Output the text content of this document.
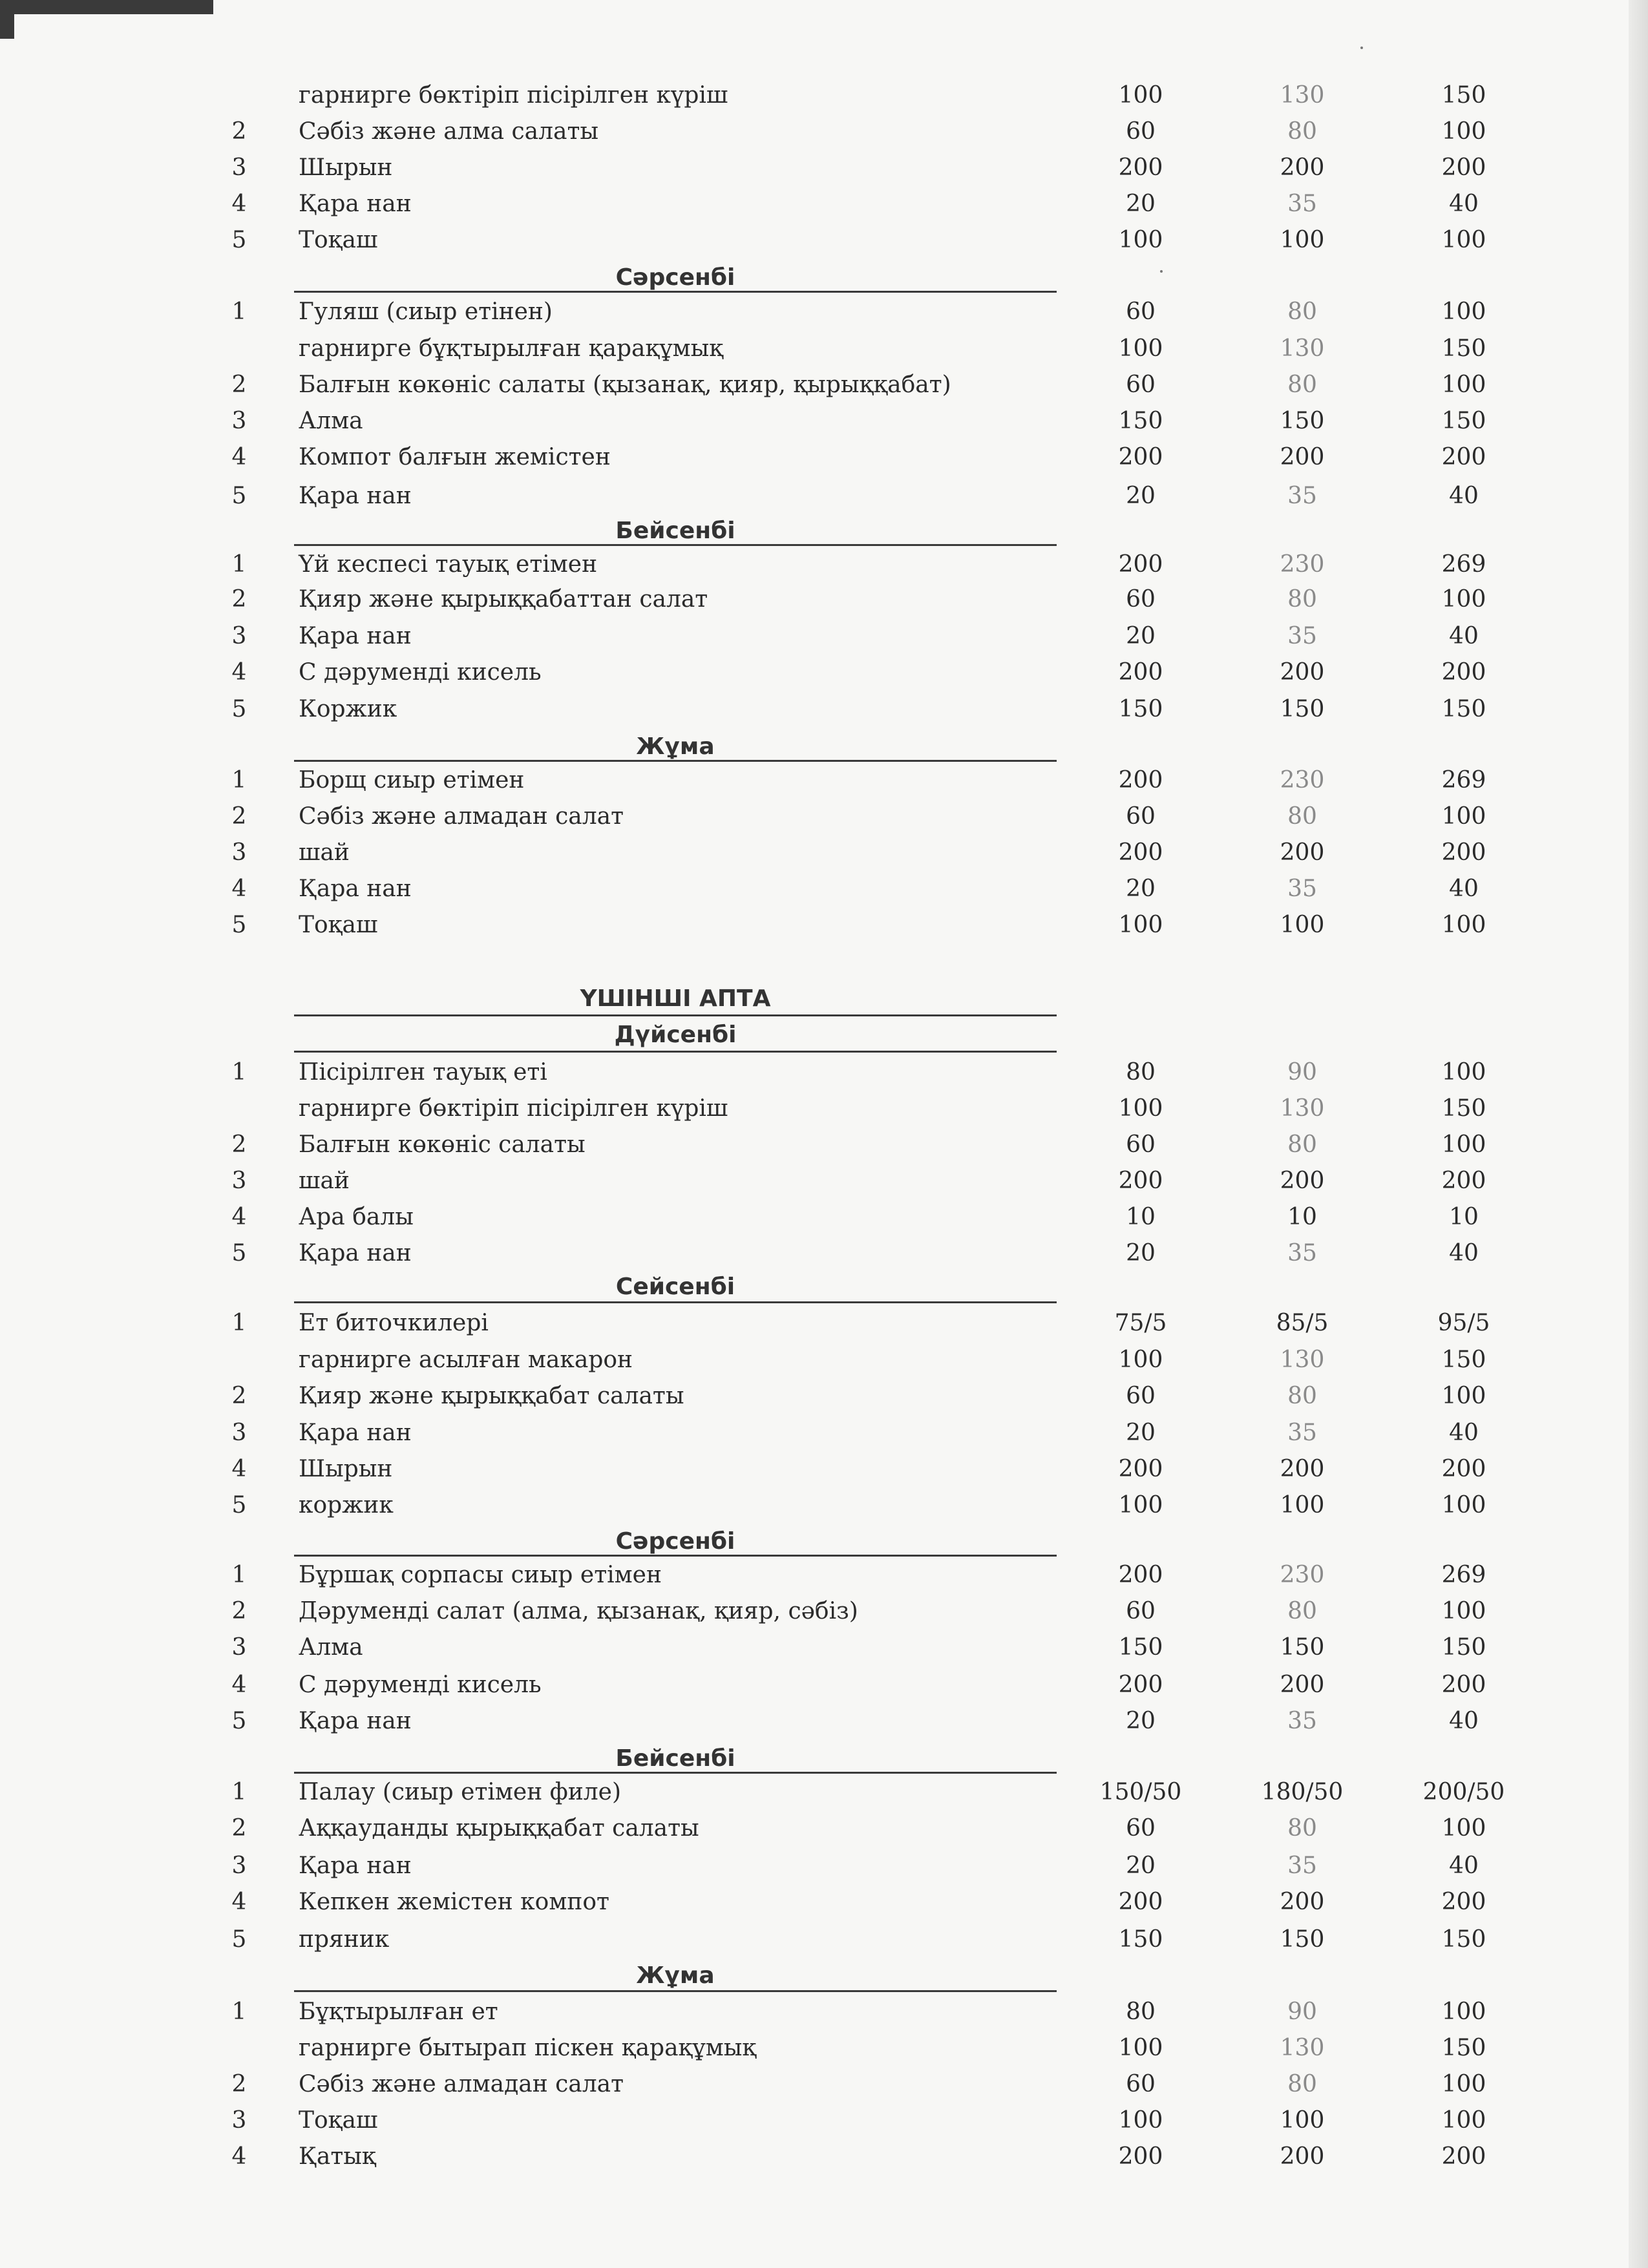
ҮШІНШІ АПТА
гарнирге бөктіріп пісірілген күріш	100	130	150
2	Сәбіз және алма салаты	60	80	100
3	Шырын	200	200	200
4	Қара нан	20	35	40
5	Тоқаш	100	100	100
Сәрсенбі
1	Гуляш (сиыр етінен)	60	80	100
гарнирге бұқтырылған қарақұмық	100	130	150
2	Балғын көкөніс салаты (қызанақ, қияр, қырыққабат)	60	80	100
3	Алма	150	150	150
4	Компот балғын жемістен	200	200	200
5	Қара нан	20	35	40
Бейсенбі
1	Үй кеспесі тауық етімен	200	230	269
2	Қияр және қырыққабаттан салат	60	80	100
3	Қара нан	20	35	40
4	С дәруменді кисель	200	200	200
5	Коржик	150	150	150
Жұма
1	Борщ сиыр етімен	200	230	269
2	Сәбіз және алмадан салат	60	80	100
3	шай	200	200	200
4	Қара нан	20	35	40
5	Тоқаш	100	100	100
Дүйсенбі
1	Пісірілген тауық еті	80	90	100
гарнирге бөктіріп пісірілген күріш	100	130	150
2	Балғын көкөніс салаты	60	80	100
3	шай	200	200	200
4	Ара балы	10	10	10
5	Қара нан	20	35	40
Сейсенбі
1	Ет биточкилері	75/5	85/5	95/5
гарнирге асылған макарон	100	130	150
2	Қияр және қырыққабат салаты	60	80	100
3	Қара нан	20	35	40
4	Шырын	200	200	200
5	коржик	100	100	100
Сәрсенбі
1	Бұршақ сорпасы сиыр етімен	200	230	269
2	Дәруменді салат (алма, қызанақ, қияр, сәбіз)	60	80	100
3	Алма	150	150	150
4	С дәруменді кисель	200	200	200
5	Қара нан	20	35	40
Бейсенбі
1	Палау (сиыр етімен филе)	150/50	180/50	200/50
2	Аққауданды қырыққабат салаты	60	80	100
3	Қара нан	20	35	40
4	Кепкен жемістен компот	200	200	200
5	пряник	150	150	150
Жұма
1	Бұқтырылған ет	80	90	100
гарнирге бытырап піскен қарақұмық	100	130	150
2	Сәбіз және алмадан салат	60	80	100
3	Тоқаш	100	100	100
4	Қатық	200	200	200
